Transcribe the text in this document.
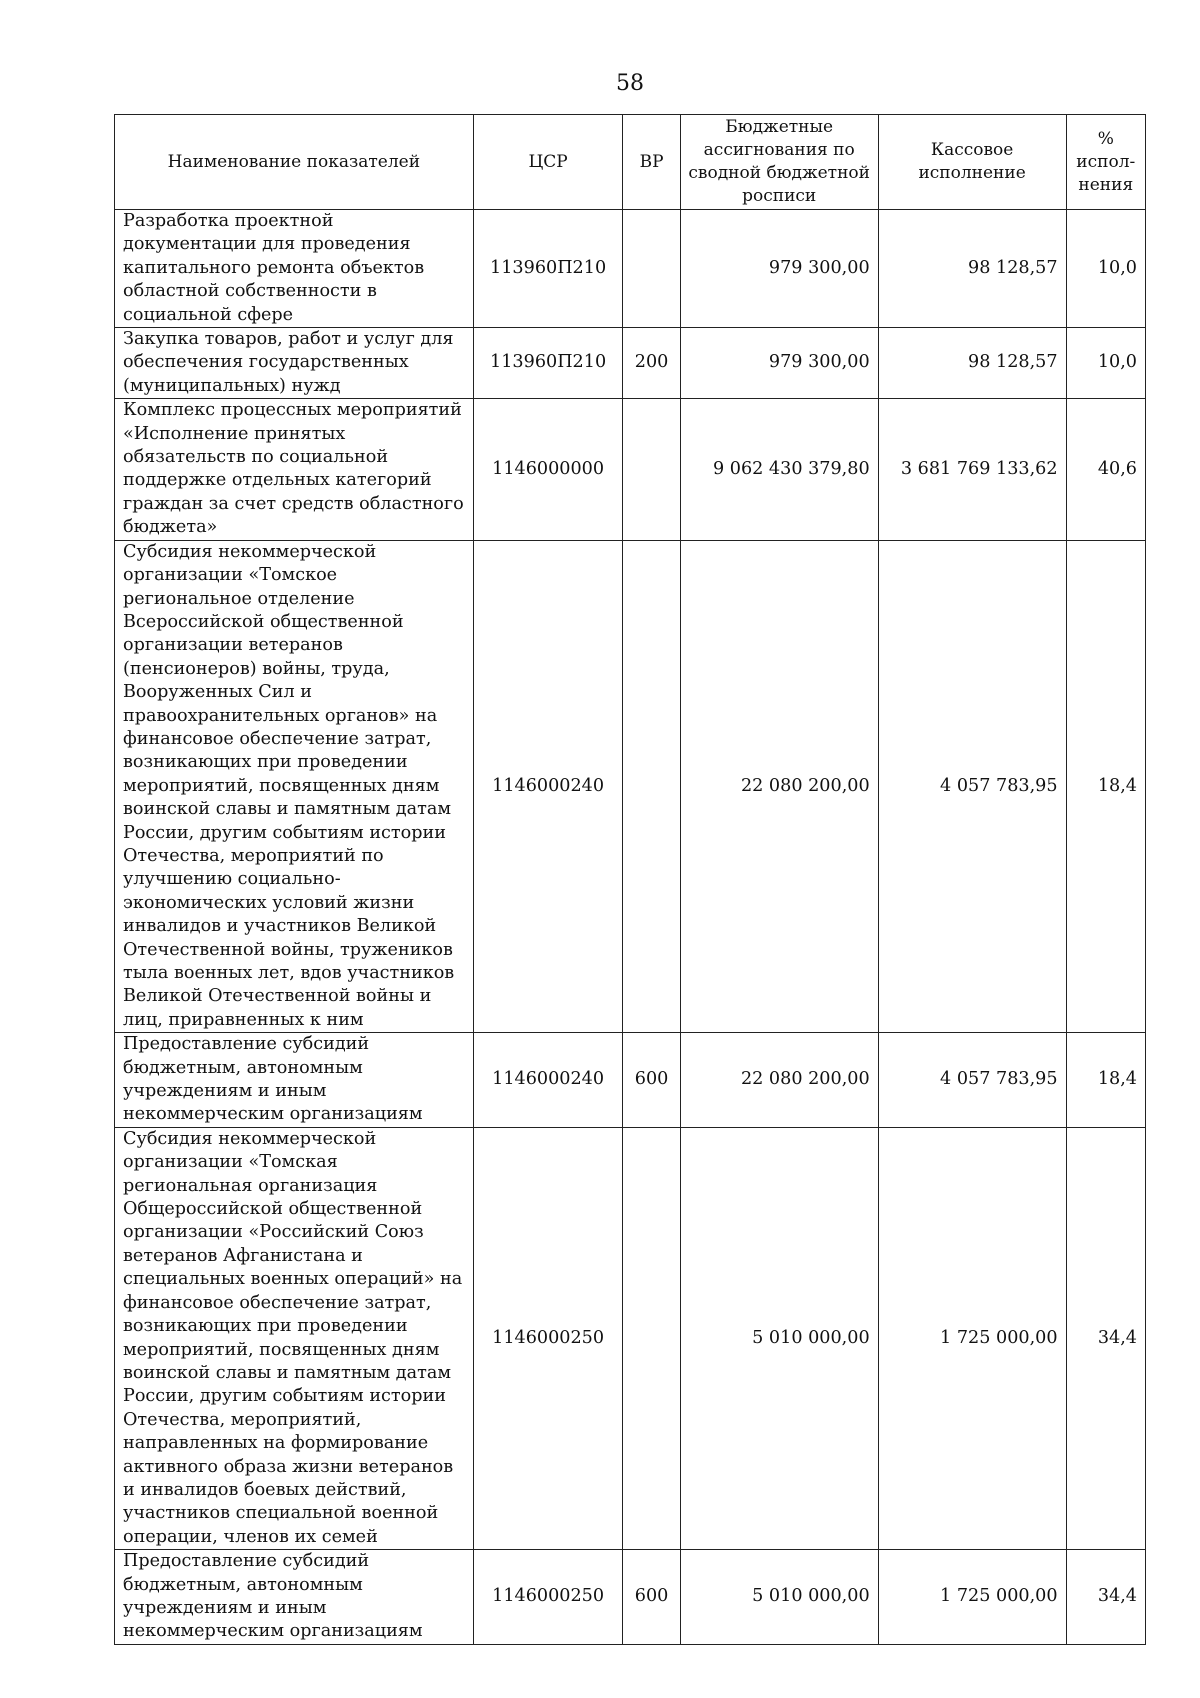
58
Наименование показателей	ЦСР	ВР	Бюджетные ассигнования по сводной бюджетной росписи	Кассовое исполнение	% испол-нения
Разработка проектной документации для проведения капитального ремонта объектов областной собственности в социальной сфере	113960П210		979 300,00	98 128,57	10,0
Закупка товаров, работ и услуг для обеспечения государственных (муниципальных) нужд	113960П210	200	979 300,00	98 128,57	10,0
Комплекс процессных мероприятий «Исполнение принятых обязательств по социальной поддержке отдельных категорий граждан за счет средств областного бюджета»	1146000000		9 062 430 379,80	3 681 769 133,62	40,6
Субсидия некоммерческой организации «Томское региональное отделение Всероссийской общественной организации ветеранов (пенсионеров) войны, труда, Вооруженных Сил и правоохранительных органов» на финансовое обеспечение затрат, возникающих при проведении мероприятий, посвященных дням воинской славы и памятным датам России, другим событиям истории Отечества, мероприятий по улучшению социально-экономических условий жизни инвалидов и участников Великой Отечественной войны, тружеников тыла военных лет, вдов участников Великой Отечественной войны и лиц, приравненных к ним	1146000240		22 080 200,00	4 057 783,95	18,4
Предоставление субсидий бюджетным, автономным учреждениям и иным некоммерческим организациям	1146000240	600	22 080 200,00	4 057 783,95	18,4
Субсидия некоммерческой организации «Томская региональная организация Общероссийской общественной организации «Российский Союз ветеранов Афганистана и специальных военных операций» на финансовое обеспечение затрат, возникающих при проведении мероприятий, посвященных дням воинской славы и памятным датам России, другим событиям истории Отечества, мероприятий, направленных на формирование активного образа жизни ветеранов и инвалидов боевых действий, участников специальной военной операции, членов их семей	1146000250		5 010 000,00	1 725 000,00	34,4
Предоставление субсидий бюджетным, автономным учреждениям и иным некоммерческим организациям	1146000250	600	5 010 000,00	1 725 000,00	34,4
